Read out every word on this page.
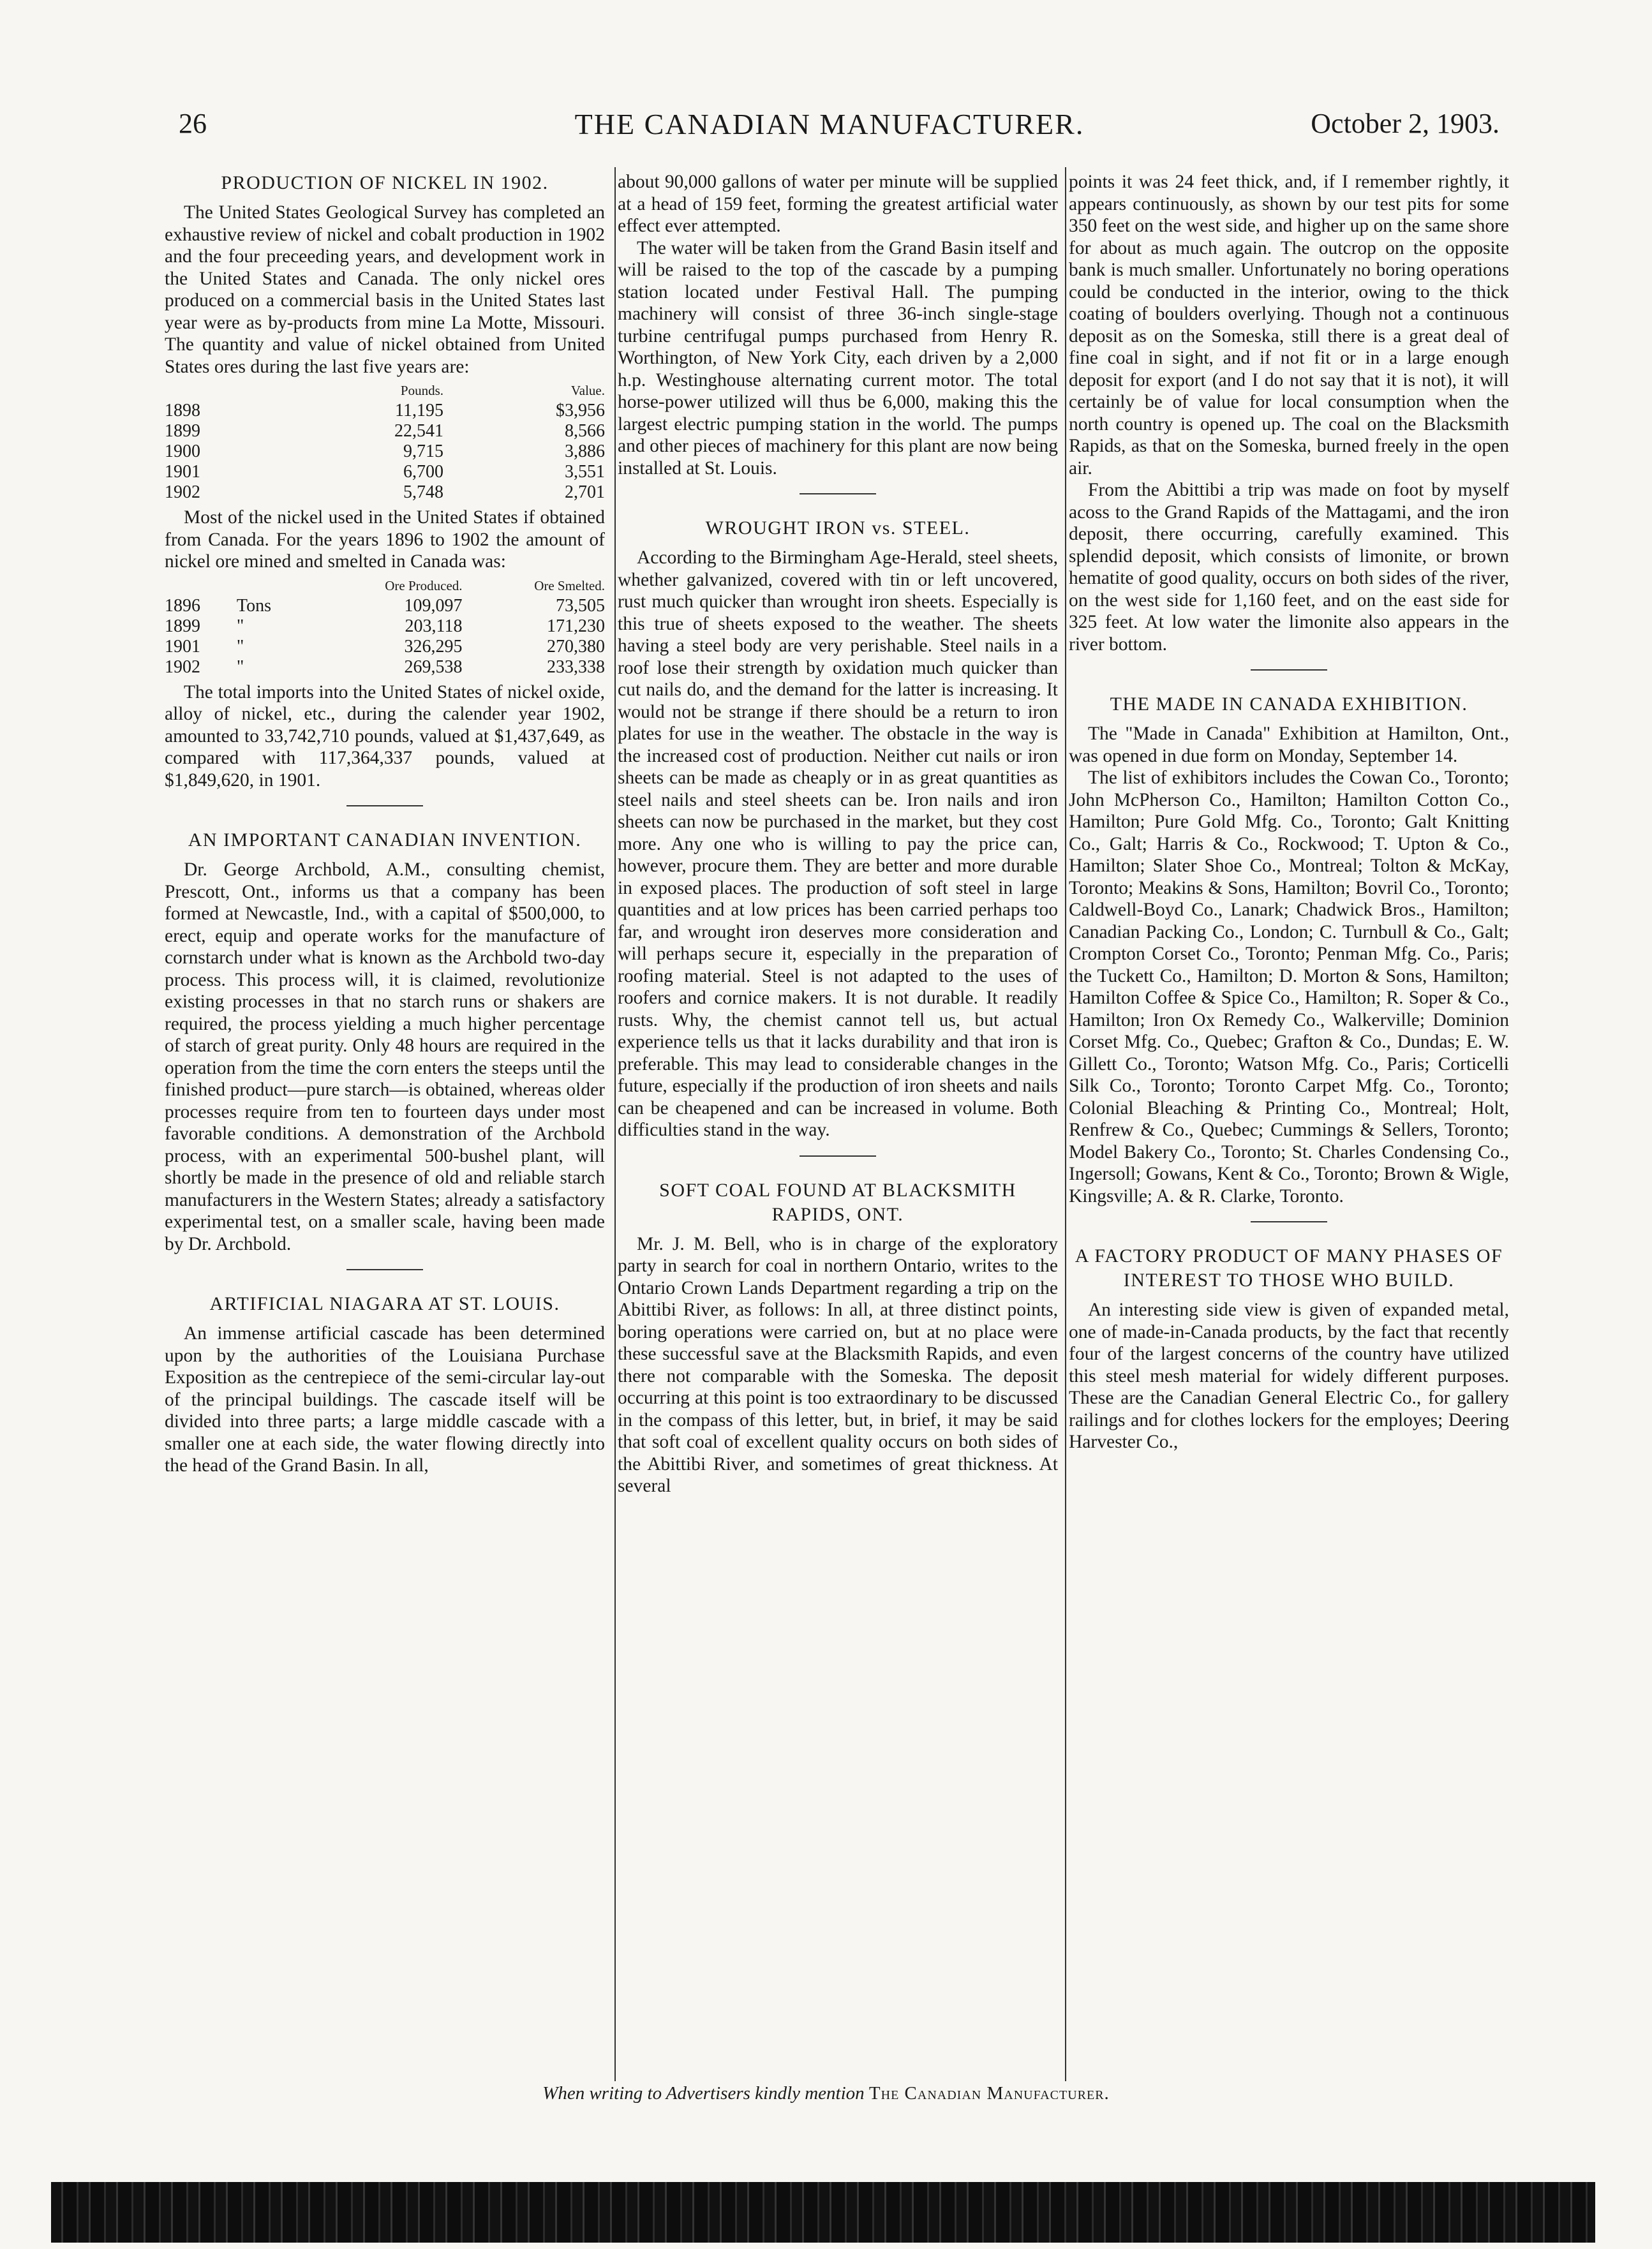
26	THE CANADIAN MANUFACTURER.	October 2, 1903.
PRODUCTION OF NICKEL IN 1902.

The United States Geological Survey has completed an exhaustive review of nickel and cobalt production in 1902 and the four preceeding years, and development work in the United States and Canada. The only nickel ores produced on a commercial basis in the United States last year were as by-products from mine La Motte, Missouri. The quantity and value of nickel obtained from United States ores during the last five years are:

	Pounds.	Value.
1898	11,195	$3,956
1899	22,541	8,566
1900	9,715	3,886
1901	6,700	3,551
1902	5,748	2,701

Most of the nickel used in the United States if obtained from Canada. For the years 1896 to 1902 the amount of nickel ore mined and smelted in Canada was:

		Ore Produced.	Ore Smelted.
1896	Tons	109,097	73,505
1899	"	203,118	171,230
1901	"	326,295	270,380
1902	"	269,538	233,338

The total imports into the United States of nickel oxide, alloy of nickel, etc., during the calender year 1902, amounted to 33,742,710 pounds, valued at $1,437,649, as compared with 117,364,337 pounds, valued at $1,849,620, in 1901.

AN IMPORTANT CANADIAN INVENTION.

Dr. George Archbold, A.M., consulting chemist, Prescott, Ont., informs us that a company has been formed at Newcastle, Ind., with a capital of $500,000, to erect, equip and operate works for the manufacture of cornstarch under what is known as the Archbold two-day process. This process will, it is claimed, revolutionize existing processes in that no starch runs or shakers are required, the process yielding a much higher percentage of starch of great purity. Only 48 hours are required in the operation from the time the corn enters the steeps until the finished product—pure starch—is obtained, whereas older processes require from ten to fourteen days under most favorable conditions. A demonstration of the Archbold process, with an experimental 500-bushel plant, will shortly be made in the presence of old and reliable starch manufacturers in the Western States; already a satisfactory experimental test, on a smaller scale, having been made by Dr. Archbold.

ARTIFICIAL NIAGARA AT ST. LOUIS.

An immense artificial cascade has been determined upon by the authorities of the Louisiana Purchase Exposition as the centrepiece of the semi-circular lay-out of the principal buildings. The cascade itself will be divided into three parts; a large middle cascade with a smaller one at each side, the water flowing directly into the head of the Grand Basin. In all,

about 90,000 gallons of water per minute will be supplied at a head of 159 feet, forming the greatest artificial water effect ever attempted.

The water will be taken from the Grand Basin itself and will be raised to the top of the cascade by a pumping station located under Festival Hall. The pumping machinery will consist of three 36-inch single-stage turbine centrifugal pumps purchased from Henry R. Worthington, of New York City, each driven by a 2,000 h.p. Westinghouse alternating current motor. The total horse-power utilized will thus be 6,000, making this the largest electric pumping station in the world. The pumps and other pieces of machinery for this plant are now being installed at St. Louis.

WROUGHT IRON vs. STEEL.

According to the Birmingham Age-Herald, steel sheets, whether galvanized, covered with tin or left uncovered, rust much quicker than wrought iron sheets. Especially is this true of sheets exposed to the weather. The sheets having a steel body are very perishable. Steel nails in a roof lose their strength by oxidation much quicker than cut nails do, and the demand for the latter is increasing. It would not be strange if there should be a return to iron plates for use in the weather. The obstacle in the way is the increased cost of production. Neither cut nails or iron sheets can be made as cheaply or in as great quantities as steel nails and steel sheets can be. Iron nails and iron sheets can now be purchased in the market, but they cost more. Any one who is willing to pay the price can, however, procure them. They are better and more durable in exposed places. The production of soft steel in large quantities and at low prices has been carried perhaps too far, and wrought iron deserves more consideration and will perhaps secure it, especially in the preparation of roofing material. Steel is not adapted to the uses of roofers and cornice makers. It is not durable. It readily rusts. Why, the chemist cannot tell us, but actual experience tells us that it lacks durability and that iron is preferable. This may lead to considerable changes in the future, especially if the production of iron sheets and nails can be cheapened and can be increased in volume. Both difficulties stand in the way.

SOFT COAL FOUND AT BLACKSMITH RAPIDS, ONT.

Mr. J. M. Bell, who is in charge of the exploratory party in search for coal in northern Ontario, writes to the Ontario Crown Lands Department regarding a trip on the Abittibi River, as follows: In all, at three distinct points, boring operations were carried on, but at no place were these successful save at the Blacksmith Rapids, and even there not comparable with the Someska. The deposit occurring at this point is too extraordinary to be discussed in the compass of this letter, but, in brief, it may be said that soft coal of excellent quality occurs on both sides of the Abittibi River, and sometimes of great thickness. At several

points it was 24 feet thick, and, if I remember rightly, it appears continuously, as shown by our test pits for some 350 feet on the west side, and higher up on the same shore for about as much again. The outcrop on the opposite bank is much smaller. Unfortunately no boring operations could be conducted in the interior, owing to the thick coating of boulders overlying. Though not a continuous deposit as on the Someska, still there is a great deal of fine coal in sight, and if not fit or in a large enough deposit for export (and I do not say that it is not), it will certainly be of value for local consumption when the north country is opened up. The coal on the Blacksmith Rapids, as that on the Someska, burned freely in the open air.

From the Abittibi a trip was made on foot by myself acoss to the Grand Rapids of the Mattagami, and the iron deposit, there occurring, carefully examined. This splendid deposit, which consists of limonite, or brown hematite of good quality, occurs on both sides of the river, on the west side for 1,160 feet, and on the east side for 325 feet. At low water the limonite also appears in the river bottom.

THE MADE IN CANADA EXHIBITION.

The "Made in Canada" Exhibition at Hamilton, Ont., was opened in due form on Monday, September 14.

The list of exhibitors includes the Cowan Co., Toronto; John McPherson Co., Hamilton; Hamilton Cotton Co., Hamilton; Pure Gold Mfg. Co., Toronto; Galt Knitting Co., Galt; Harris & Co., Rockwood; T. Upton & Co., Hamilton; Slater Shoe Co., Montreal; Tolton & McKay, Toronto; Meakins & Sons, Hamilton; Bovril Co., Toronto; Caldwell-Boyd Co., Lanark; Chadwick Bros., Hamilton; Canadian Packing Co., London; C. Turnbull & Co., Galt; Crompton Corset Co., Toronto; Penman Mfg. Co., Paris; the Tuckett Co., Hamilton; D. Morton & Sons, Hamilton; Hamilton Coffee & Spice Co., Hamilton; R. Soper & Co., Hamilton; Iron Ox Remedy Co., Walkerville; Dominion Corset Mfg. Co., Quebec; Grafton & Co., Dundas; E. W. Gillett Co., Toronto; Watson Mfg. Co., Paris; Corticelli Silk Co., Toronto; Toronto Carpet Mfg. Co., Toronto; Colonial Bleaching & Printing Co., Montreal; Holt, Renfrew & Co., Quebec; Cummings & Sellers, Toronto; Model Bakery Co., Toronto; St. Charles Condensing Co., Ingersoll; Gowans, Kent & Co., Toronto; Brown & Wigle, Kingsville; A. & R. Clarke, Toronto.

A FACTORY PRODUCT OF MANY PHASES OF INTEREST TO THOSE WHO BUILD.

An interesting side view is given of expanded metal, one of made-in-Canada products, by the fact that recently four of the largest concerns of the country have utilized this steel mesh material for widely different purposes. These are the Canadian General Electric Co., for gallery railings and for clothes lockers for the employes; Deering Harvester Co.,

When writing to Advertisers kindly mention The Canadian Manufacturer.
